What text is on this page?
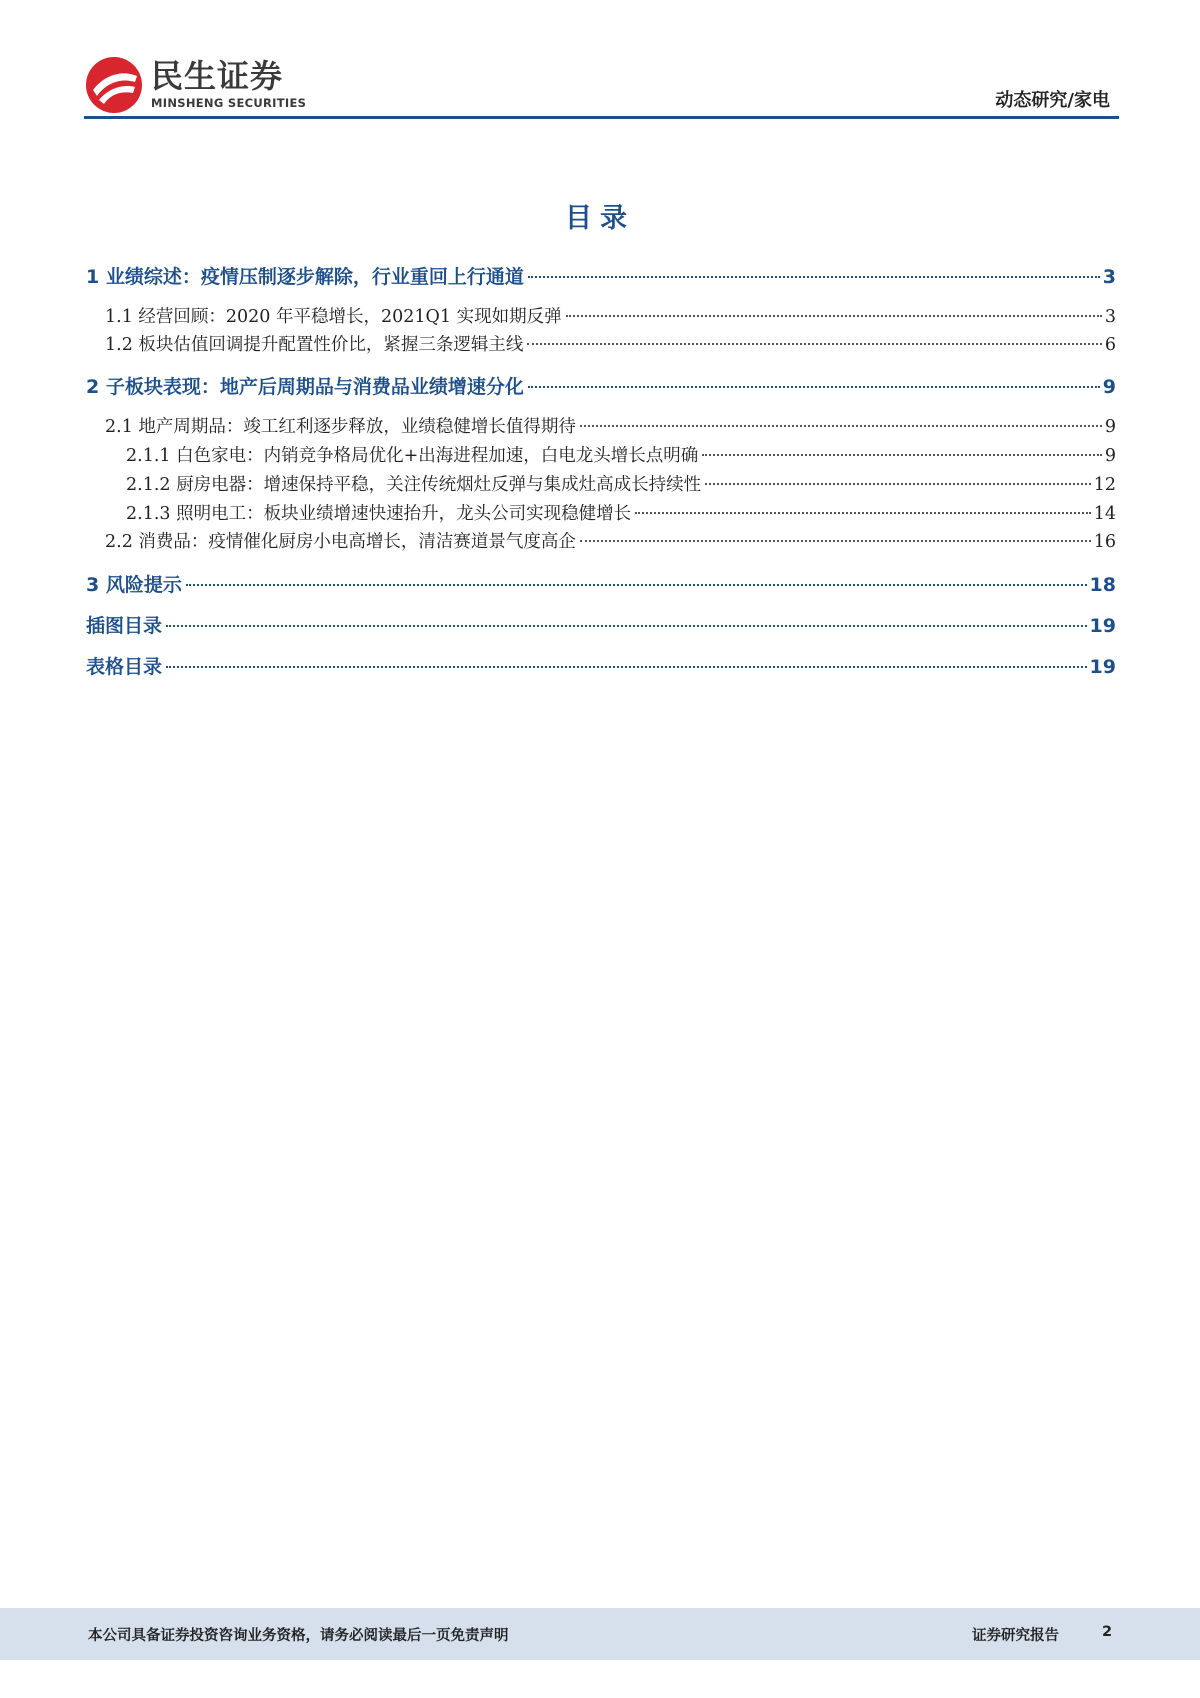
民生证券
MINSHENG SECURITIES	动态研究/家电
目录
1 业绩综述：疫情压制逐步解除，行业重回上行通道	3
1.1 经营回顾：2020 年平稳增长，2021Q1 实现如期反弹	3
1.2 板块估值回调提升配置性价比，紧握三条逻辑主线	6
2 子板块表现：地产后周期品与消费品业绩增速分化	9
2.1 地产周期品：竣工红利逐步释放，业绩稳健增长值得期待	9
2.1.1 白色家电：内销竞争格局优化+出海进程加速，白电龙头增长点明确	9
2.1.2 厨房电器：增速保持平稳，关注传统烟灶反弹与集成灶高成长持续性	12
2.1.3 照明电工：板块业绩增速快速抬升，龙头公司实现稳健增长	14
2.2 消费品：疫情催化厨房小电高增长，清洁赛道景气度高企	16
3 风险提示	18
插图目录	19
表格目录	19
本公司具备证券投资咨询业务资格，请务必阅读最后一页免责声明	证券研究报告	2
